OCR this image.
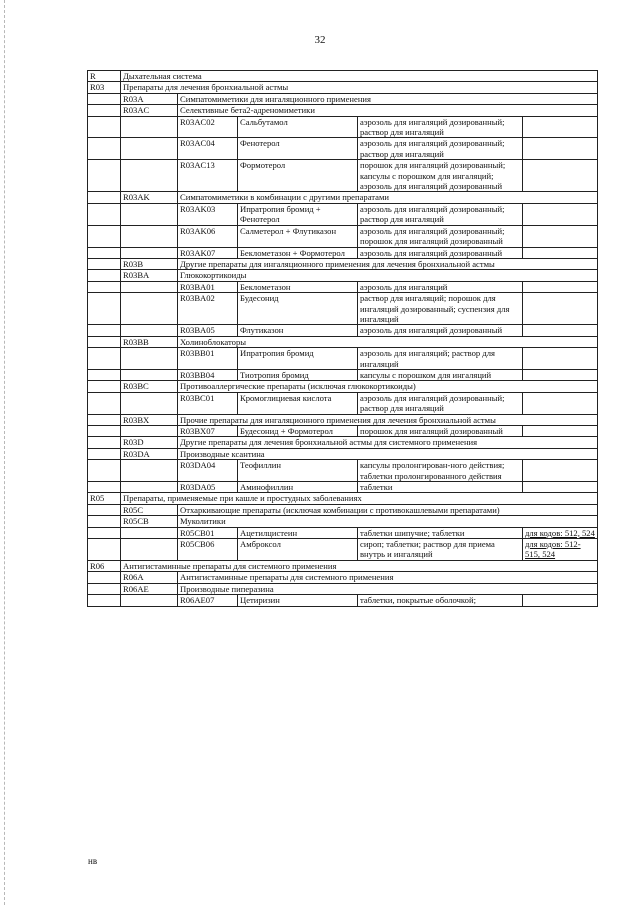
32
R	Дыхательная система				
R03	Препараты для лечения бронхиальной астмы				
	R03A	Симпатомиметики для ингаляционного применения			
	R03AC	Селективные бета2-адреномиметики			
		R03AC02	Сальбутамол	аэрозоль для ингаляций дозированный; раствор для ингаляций	
		R03AC04	Фенотерол	аэрозоль для ингаляций дозированный; раствор для ингаляций	
		R03AC13	Формотерол	порошок для ингаляций дозированный; капсулы с порошком для ингаляций; аэрозоль для ингаляций дозированный	
	R03AK	Симпатомиметики в комбинации с другими препаратами			
		R03AK03	Ипратропия бромид + Фенотерол	аэрозоль для ингаляций дозированный; раствор для ингаляций	
		R03AK06	Салметерол + Флутиказон	аэрозоль для ингаляций дозированный; порошок для ингаляций дозированный	
		R03AK07	Беклометазон + Формотерол	аэрозоль для ингаляций дозированный	
	R03B	Другие препараты для ингаляционного применения для лечения бронхиальной астмы			
	R03BA	Глюкокортикоиды			
		R03BA01	Беклометазон	аэрозоль для ингаляций	
		R03BA02	Будесонид	раствор для ингаляций; порошок для ингаляций дозированный; суспензия для ингаляций	
		R03BA05	Флутиказон	аэрозоль для ингаляций дозированный	
	R03BB	Холиноблокаторы			
		R03BB01	Ипратропия бромид	аэрозоль для ингаляций; раствор для ингаляций	
		R03BB04	Тиотропия бромид	капсулы с порошком для ингаляций	
	R03BC	Противоаллергические препараты (исключая глюкокортикоиды)			
		R03BC01	Кромоглициевая кислота	аэрозоль для ингаляций дозированный; раствор для ингаляций	
	R03BX	Прочие препараты для ингаляционного применения для лечения бронхиальной астмы			
		R03BX07	Будесонид + Формотерол	порошок для ингаляций дозированный	
	R03D	Другие препараты для лечения бронхиальной астмы для системного применения			
	R03DA	Производные ксантина			
		R03DA04	Теофиллин	капсулы пролонгирован-ного действия; таблетки пролонгированного действия	
		R03DA05	Аминофиллин	таблетки	
R05	Препараты, применяемые при кашле и простудных заболеваниях				
	R05C	Отхаркивающие препараты (исключая комбинации с противокашлевыми препаратами)			
	R05CB	Муколитики			
		R05CB01	Ацетилцистеин	таблетки шипучие; таблетки	для кодов: 512, 524
		R05CB06	Амброксол	сироп; таблетки; раствор для приема внутрь и ингаляций	для кодов: 512-515, 524
R06	Антигистаминные препараты для системного применения				
	R06A	Антигистаминные препараты для системного применения			
	R06AE	Производные пиперазина			
		R06AE07	Цетиризин	таблетки, покрытые оболочкой;	
нв
